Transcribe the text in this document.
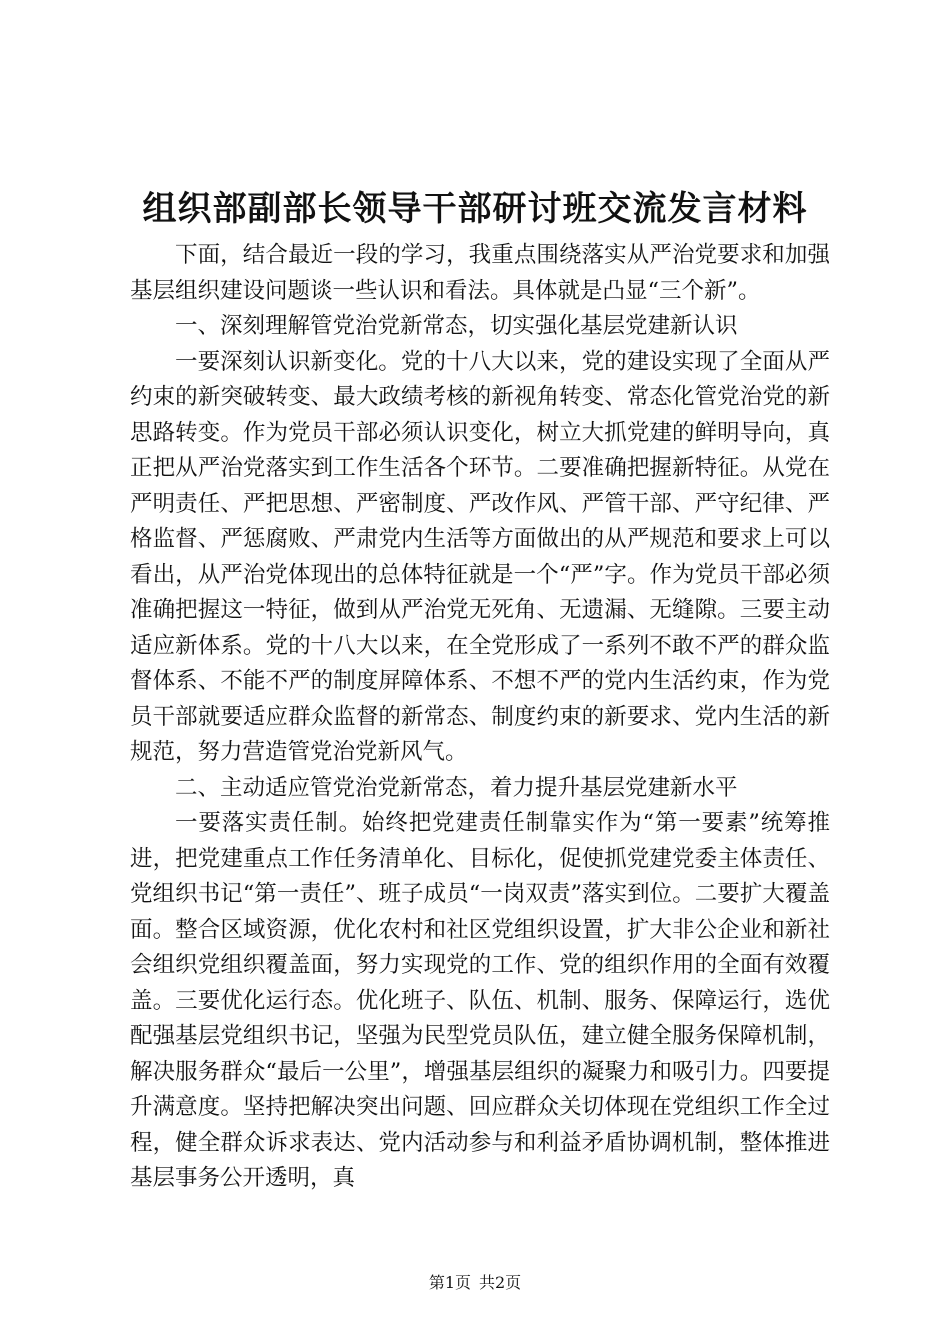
组织部副部长领导干部研讨班交流发言材料

下面，结合最近一段的学习，我重点围绕落实从严治党要求和加强基层组织建设问题谈一些认识和看法。具体就是凸显“三个新”。

一、深刻理解管党治党新常态，切实强化基层党建新认识

一要深刻认识新变化。党的十八大以来，党的建设实现了全面从严约束的新突破转变、最大政绩考核的新视角转变、常态化管党治党的新思路转变。作为党员干部必须认识变化，树立大抓党建的鲜明导向，真正把从严治党落实到工作生活各个环节。二要准确把握新特征。从党在严明责任、严把思想、严密制度、严改作风、严管干部、严守纪律、严格监督、严惩腐败、严肃党内生活等方面做出的从严规范和要求上可以看出，从严治党体现出的总体特征就是一个“严”字。作为党员干部必须准确把握这一特征，做到从严治党无死角、无遗漏、无缝隙。三要主动适应新体系。党的十八大以来，在全党形成了一系列不敢不严的群众监督体系、不能不严的制度屏障体系、不想不严的党内生活约束，作为党员干部就要适应群众监督的新常态、制度约束的新要求、党内生活的新规范，努力营造管党治党新风气。

二、主动适应管党治党新常态，着力提升基层党建新水平

一要落实责任制。始终把党建责任制靠实作为“第一要素”统筹推进，把党建重点工作任务清单化、目标化，促使抓党建党委主体责任、党组织书记“第一责任”、班子成员“一岗双责”落实到位。二要扩大覆盖面。整合区域资源，优化农村和社区党组织设置，扩大非公企业和新社会组织党组织覆盖面，努力实现党的工作、党的组织作用的全面有效覆盖。三要优化运行态。优化班子、队伍、机制、服务、保障运行，选优配强基层党组织书记，坚强为民型党员队伍，建立健全服务保障机制，解决服务群众“最后一公里”，增强基层组织的凝聚力和吸引力。四要提升满意度。坚持把解决突出问题、回应群众关切体现在党组织工作全过程，健全群众诉求表达、党内活动参与和利益矛盾协调机制，整体推进基层事务公开透明，真

第1页 共2页
